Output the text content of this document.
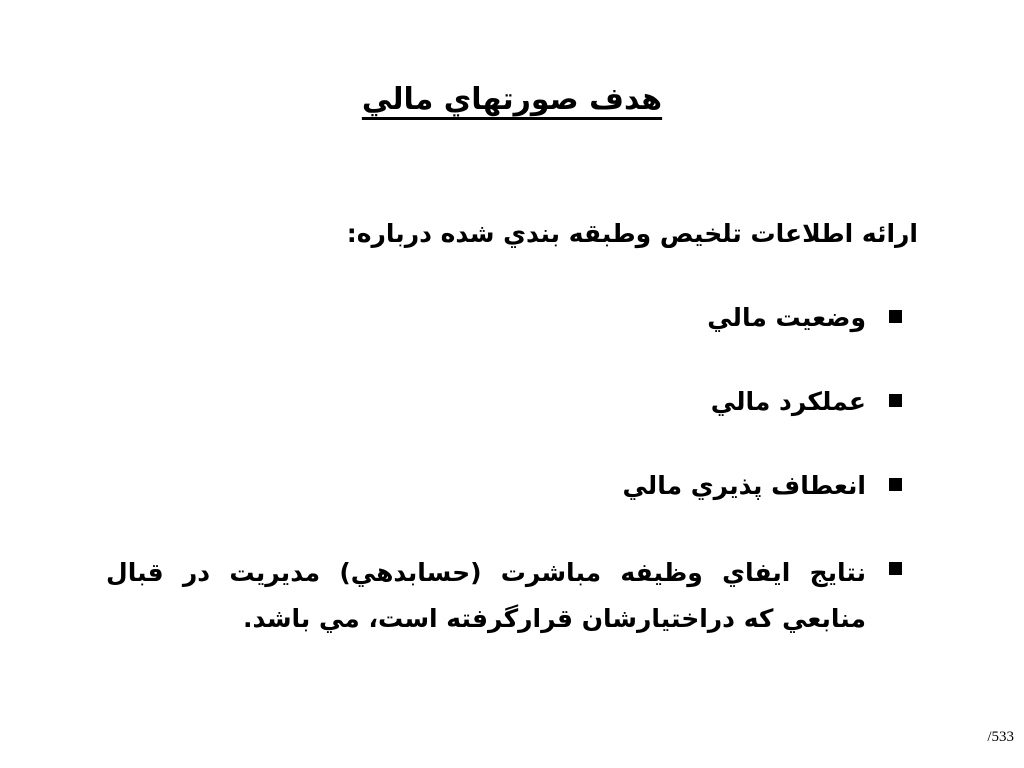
هدف صورتهاي مالي
ارائه اطلاعات تلخيص وطبقه بندي شده درباره:
وضعيت مالي
عملكرد مالي
انعطاف پذيري مالي
نتايج ايفاي وظيفه مباشرت (حسابدهي) مديريت در قبال منابعي كه دراختيارشان قرارگرفته است، مي باشد.
/533
